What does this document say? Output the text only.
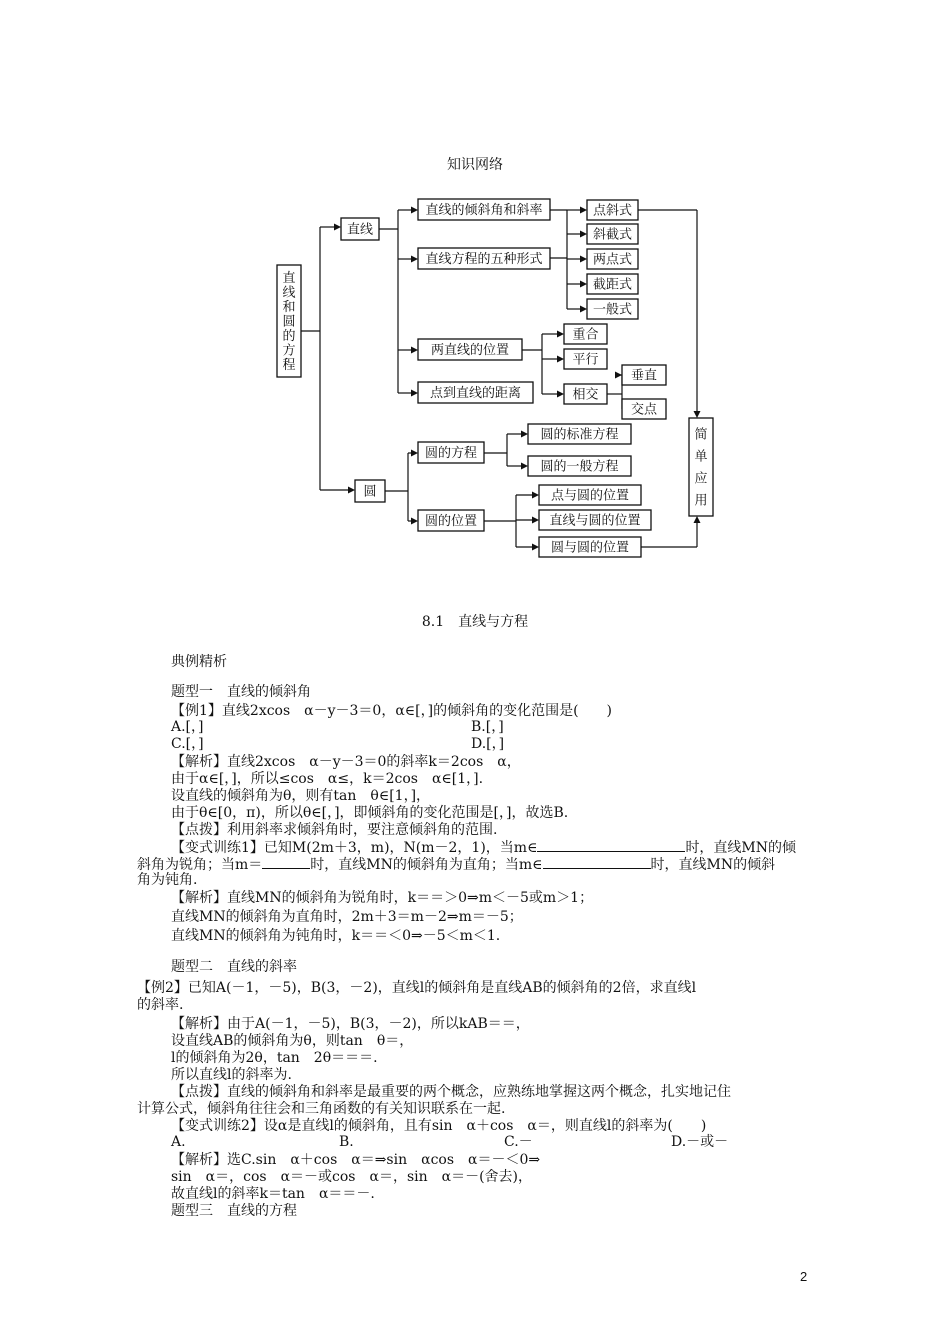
知识网络
直
线
和
圆
的
方
程
直线
直线的倾斜角和斜率
直线方程的五种形式
两直线的位置
点到直线的距离
点斜式
斜截式
两点式
截距式
一般式
重合
平行
相交
垂直
交点
简
单
应
用
圆
圆的方程
圆的位置
圆的标准方程
圆的一般方程
点与圆的位置
直线与圆的位置
圆与圆的位置
8.1　直线与方程
典例精析
题型一　直线的倾斜角
【例1】直线2xcos　α－y－3＝0，α∈[，]的倾斜角的变化范围是(　　)
A.[，]	B.[，]
C.[，]	D.[，]
【解析】直线2xcos　α－y－3＝0的斜率k＝2cos　α，
由于α∈[，]，所以≤cos　α≤，k＝2cos　α∈[1，].
设直线的倾斜角为θ，则有tan　θ∈[1，]，
由于θ∈[0，π)，所以θ∈[，]，即倾斜角的变化范围是[，]，故选B.
【点拨】利用斜率求倾斜角时，要注意倾斜角的范围.
【变式训练1】已知M(2m＋3，m)，N(m－2，1)，当m∈	时，直线MN的倾
斜角为锐角；当m＝	时，直线MN的倾斜角为直角；当m∈	时，直线MN的倾斜
角为钝角.
【解析】直线MN的倾斜角为锐角时，k＝＝＞0⇒m＜－5或m＞1；
直线MN的倾斜角为直角时，2m＋3＝m－2⇒m＝－5；
直线MN的倾斜角为钝角时，k＝＝＜0⇒－5＜m＜1.
题型二　直线的斜率
【例2】已知A(－1，－5)，B(3，－2)，直线l的倾斜角是直线AB的倾斜角的2倍，求直线l
的斜率.
【解析】由于A(－1，－5)，B(3，－2)，所以kAB＝＝，
设直线AB的倾斜角为θ，则tan　θ＝，
l的倾斜角为2θ，tan　2θ＝＝＝.
所以直线l的斜率为.
【点拨】直线的倾斜角和斜率是最重要的两个概念，应熟练地掌握这两个概念，扎实地记住
计算公式，倾斜角往往会和三角函数的有关知识联系在一起.
【变式训练2】设α是直线l的倾斜角，且有sin　α＋cos　α＝，则直线l的斜率为(　　)
A.	B.	C.－	D.－或－
【解析】选C.sin　α＋cos　α＝⇒sin　αcos　α＝－＜0⇒
sin　α＝，cos　α＝－或cos　α＝，sin　α＝－(舍去)，
故直线l的斜率k＝tan　α＝＝－.
题型三　直线的方程
2
